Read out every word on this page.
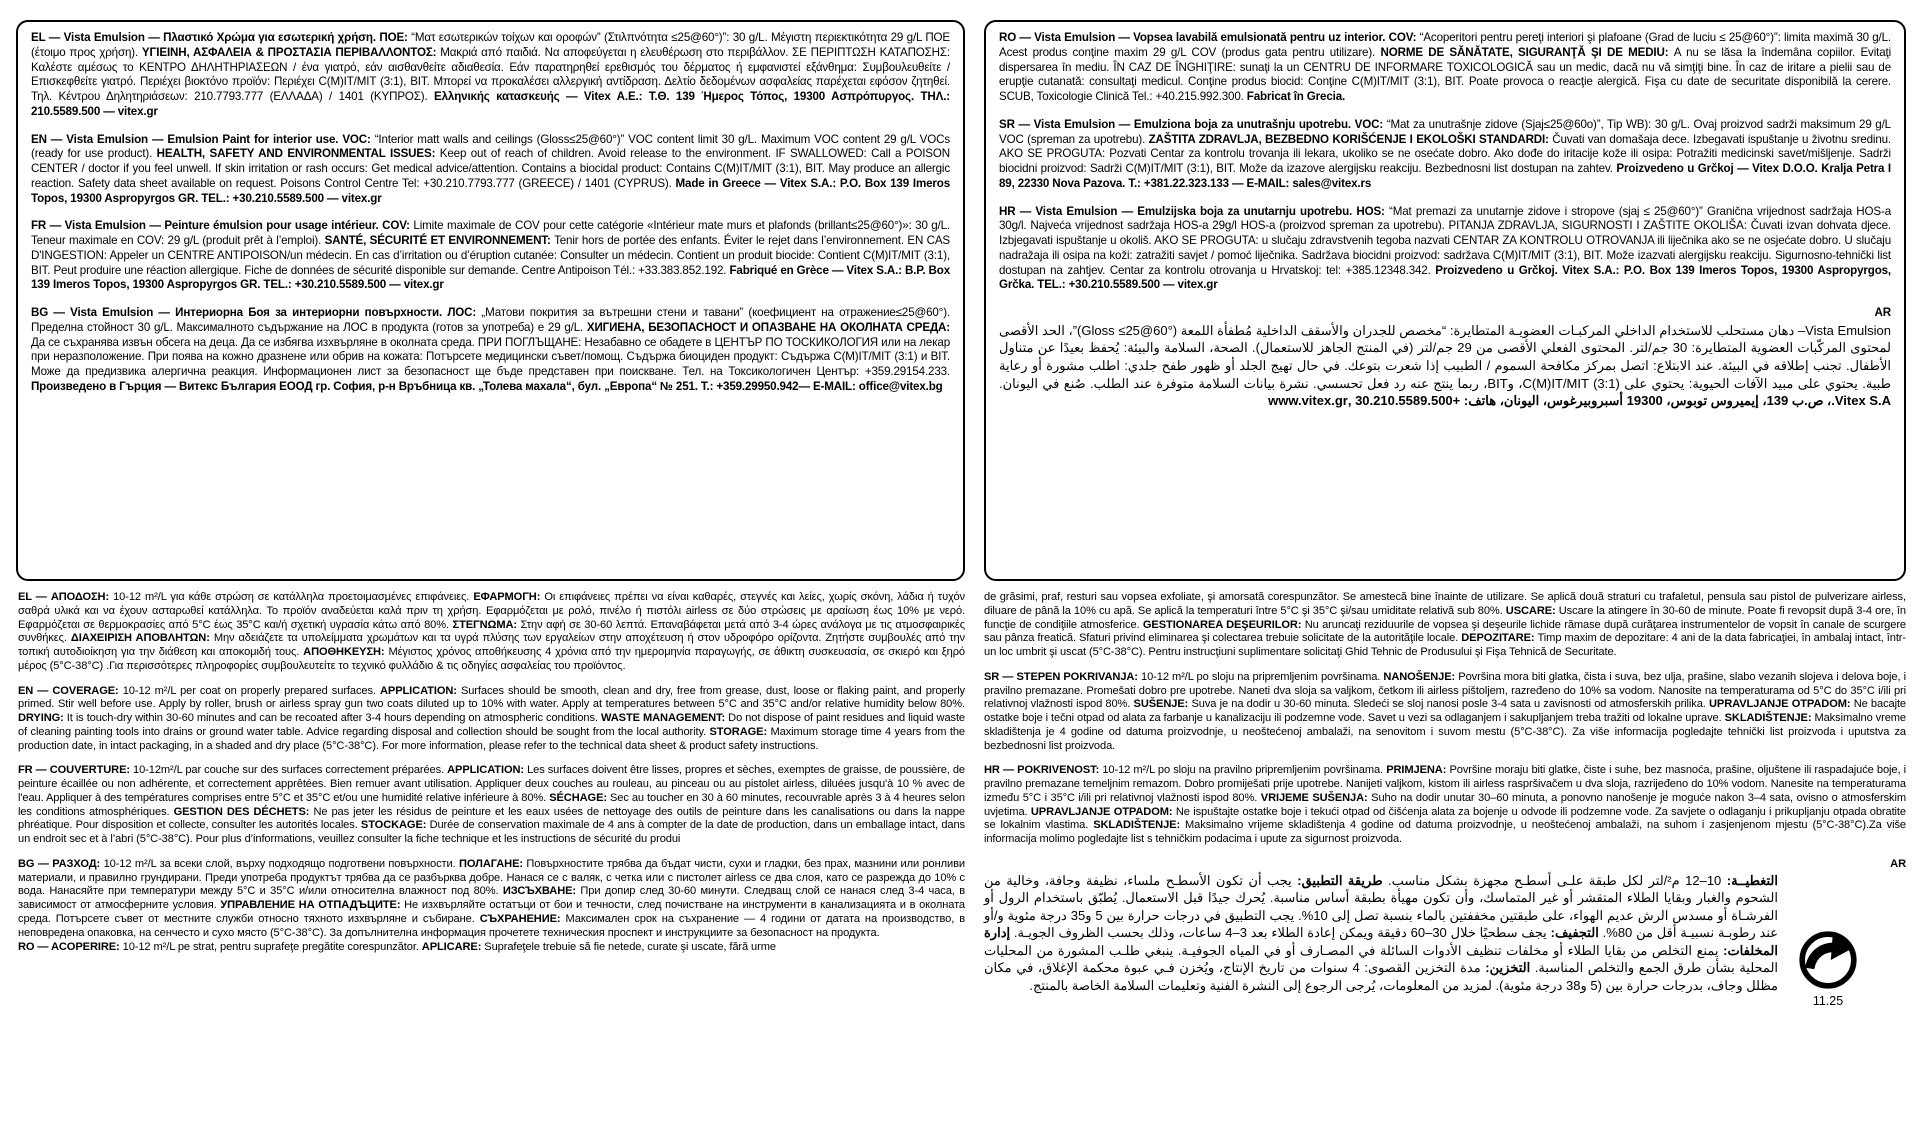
EL — Vista Emulsion — Πλαστικό Χρώμα για εσωτερική χρήση. ΠΟΕ: “Ματ εσωτερικών τοίχων και οροφών” (Στιλπνότητα ≤25@60°)”: 30 g/L. Μέγιστη περιεκτικότητα 29 g/L ΠΟΕ (έτοιμο προς χρήση). ΥΓΙΕΙΝΗ, ΑΣΦΑΛΕΙΑ & ΠΡΟΣΤΑΣΙΑ ΠΕΡΙΒΑΛΛΟΝΤΟΣ: Μακριά από παιδιά. Να αποφεύγεται η ελευθέρωση στο περιβάλλον. ΣΕ ΠΕΡΙΠΤΩΣΗ ΚΑΤΑΠΟΣΗΣ: Καλέστε αμέσως το ΚΕΝΤΡΟ ΔΗΛΗΤΗΡΙΑΣΕΩΝ / ένα γιατρό, εάν αισθανθείτε αδιαθεσία. Εάν παρατηρηθεί ερεθισμός του δέρματος ή εμφανιστεί εξάνθημα: Συμβουλευθείτε / Επισκεφθείτε γιατρό. Περιέχει βιοκτόνο προϊόν: Περιέχει C(M)IT/MIT (3:1), BIT. Μπορεί να προκαλέσει αλλεργική αντίδραση. Δελτίο δεδομένων ασφαλείας παρέχεται εφόσον ζητηθεί. Τηλ. Κέντρου Δηλητηριάσεων: 210.7793.777 (ΕΛΛΑΔΑ) / 1401 (ΚΥΠΡΟΣ). Ελληνικής κατασκευής — Vitex A.E.: Τ.Θ. 139 Ήμερος Τόπος, 19300 Ασπρόπυργος. ΤΗΛ.: 210.5589.500 — vitex.gr

EN — Vista Emulsion — Emulsion Paint for interior use. VOC: “Interior matt walls and ceilings (Gloss≤25@60°)” VOC content limit 30 g/L. Maximum VOC content 29 g/L VOCs (ready for use product). HEALTH, SAFETY AND ENVIRONMENTAL ISSUES: Keep out of reach of children. Avoid release to the environment. IF SWALLOWED: Call a POISON CENTER / doctor if you feel unwell. If skin irritation or rash occurs: Get medical advice/attention. Contains a biocidal product: Contains C(M)IT/MIT (3:1), BIT. May produce an allergic reaction. Safety data sheet available on request. Poisons Control Centre Tel: +30.210.7793.777 (GREECE) / 1401 (CYPRUS). Made in Greece — Vitex S.A.: P.O. Box 139 Imeros Topos, 19300 Aspropyrgos GR. TEL.: +30.210.5589.500 — vitex.gr

FR — Vista Emulsion — Peinture émulsion pour usage intérieur. COV: Limite maximale de COV pour cette catégorie «Intérieur mate murs et plafonds (brillant≤25@60°)»: 30 g/L. Teneur maximale en COV: 29 g/L (produit prêt à l’emploi). SANTÉ, SÉCURITÉ ET ENVIRONNEMENT: Tenir hors de portée des enfants. Éviter le rejet dans l’environnement. EN CAS D'INGESTION: Appeler un CENTRE ANTIPOISON/un médecin. En cas d’irritation ou d’éruption cutanée: Consulter un médecin. Contient un produit biocide: Contient C(M)IT/MIT (3:1), BIT. Peut produire une réaction allergique. Fiche de données de sécurité disponible sur demande. Centre Antipoison Tél.: +33.383.852.192. Fabriqué en Grèce — Vitex S.A.: B.P. Box 139 Imeros Topos, 19300 Aspropyrgos GR. TEL.: +30.210.5589.500 — vitex.gr

BG — Vista Emulsion — Интериорна Боя за интериорни повърхности. ЛОС: „Матови покрития за вътрешни стени и тавани” (коефициент на отражение≤25@60°). Пределна стойност 30 g/L. Максималното съдържание на ЛОС в продукта (готов за употреба) е 29 g/L. ХИГИЕНА, БЕЗОПАСНОСТ И ОПАЗВАНЕ НА ОКОЛНАТА СРЕДА: Да се съхранява извън обсега на деца. Да се избягва изхвърляне в околната среда. ПРИ ПОГЛЪЩАНЕ: Незабавно се обадете в ЦЕНТЪР ПО ТОСКИКОЛОГИЯ или на лекар при неразположение. При поява на кожно дразнене или обрив на кожата: Потърсете медицински съвет/помощ. Съдържа биоциден продукт: Съдържа C(M)IT/MIT (3:1) и BIT. Може да предизвика алергична реакция. Информационен лист за безопасност ще бъде представен при поискване. Тел. на Токсикологичен Център: +359.29154.233. Произведено в Гърция — Витекс България ЕООД гр. София, р-н Връбница кв. „Толева махала“, бул. „Европа“ № 251. Т.: +359.29950.942— E-MAIL: office@vitex.bg

RO — Vista Emulsion — Vopsea lavabilă emulsionată pentru uz interior. COV: “Acoperitori pentru pereţi interiori şi plafoane (Grad de luciu ≤ 25@60°)”: limita maximă 30 g/L. Acest produs conţine maxim 29 g/L COV (produs gata pentru utilizare). NORME DE SĂNĂTATE, SIGURANŢĂ ŞI DE MEDIU: A nu se lăsa la îndemâna copiilor. Evitaţi dispersarea în mediu. ÎN CAZ DE ÎNGHIŢIRE: sunaţi la un CENTRU DE INFORMARE TOXICOLOGICĂ sau un medic, dacă nu vă simţiţi bine. În caz de iritare a pielii sau de erupţie cutanată: consultaţi medicul. Conţine produs biocid: Conţine C(M)IT/MIT (3:1), BIT. Poate provoca o reacţie alergică. Fişa cu date de securitate disponibilă la cerere. SCUB, Toxicologie Clinică Tel.: +40.215.992.300. Fabricat în Grecia.

SR — Vista Emulsion — Emulziona boja za unutrašnju upotrebu. VOC: “Mat za unutrašnje zidove (Sjaj≤25@60o)”, Tip WB): 30 g/L. Ovaj proizvod sadrži maksimum 29 g/L VOC (spreman za upotrebu). ZAŠTITA ZDRAVLJA, BEZBEDNO KORIŠĆENJE I EKOLOŠKI STANDARDI: Čuvati van domašaja dece. Izbegavati ispuštanje u životnu sredinu. AKO SE PROGUTA: Pozvati Centar za kontrolu trovanja ili lekara, ukoliko se ne osećate dobro. Ako dođe do iritacije kože ili osipa: Potražiti medicinski savet/mišljenje. Sadrži biocidni proizvod: Sadrži C(M)IT/MIT (3:1), BIT. Može da izazove alergijsku reakciju. Bezbednosni list dostupan na zahtev. Proizvedeno u Grčkoj — Vitex D.O.O. Kralja Petra I 89, 22330 Nova Pazova. T.: +381.22.323.133 — E-MAIL: sales@vitex.rs

HR — Vista Emulsion — Emulzijska boja za unutarnju upotrebu. HOS: “Mat premazi za unutarnje zidove i stropove (sjaj ≤ 25@60°)” Granična vrijednost sadržaja HOS-a 30g/l. Najveća vrijednost sadržaja HOS-a 29g/l HOS-a (proizvod spreman za upotrebu). PITANJA ZDRAVLJA, SIGURNOSTI I ZAŠTITE OKOLIŠA: Čuvati izvan dohvata djece. Izbjegavati ispuštanje u okoliš. AKO SE PROGUTA: u slučaju zdravstvenih tegoba nazvati CENTAR ZA KONTROLU OTROVANJA ili liječnika ako se ne osjećate dobro. U slučaju nadražaja ili osipa na koži: zatražiti savjet / pomoć liječnika. Sadržava biocidni proizvod: sadržava C(M)IT/MIT (3:1), BIT. Može izazvati alergijsku reakciju. Sigurnosno-tehnički list dostupan na zahtjev. Centar za kontrolu otrovanja u Hrvatskoj: tel: +385.12348.342. Proizvedeno u Grčkoj. Vitex S.A.: P.O. Box 139 Imeros Topos, 19300 Aspropyrgos, Grčka. TEL.: +30.210.5589.500 — vitex.gr

AR

Vista Emulsion– دهان مستحلب للاستخدام الداخلي المركبـات العضويـة المتطايرة: “مخصص للجدران والأسقف الداخلية مُطفأة اللمعة (Gloss ≤25@60°)”، الحد الأقصى لمحتوى المركّبات العضوية المتطايرة: 30 جم/لتر. المحتوى الفعلي الأقصى من 29 جم/لتر (في المنتج الجاهز للاستعمال). الصحة، السلامة والبيئة: يُحفظ بعيدًا عن متناول الأطفال. تجنب إطلاقه في البيئة. عند الابتلاع: اتصل بمركز مكافحة السموم / الطبيب إذا شعرت بتوعك. في حال تهيج الجلد أو ظهور طفح جلدي: اطلب مشورة أو رعاية طبية. يحتوي على مبيد الآفات الحيوية: يحتوي على C(M)IT/MIT (3:1)، وBIT، ربما ينتج عنه رد فعل تحسسي. نشرة بيانات السلامة متوفرة عند الطلب. صُنع في اليونان. Vitex S.A.، ص.ب 139، إيميروس توبوس، 19300 أسبروبيرغوس، اليونان، هاتف: +30.210.5589.500 ,www.vitex.gr

EL — ΑΠΟΔΟΣΗ: 10-12 m²/L για κάθε στρώση σε κατάλληλα προετοιμασμένες επιφάνειες. ΕΦΑΡΜΟΓΗ: Οι επιφάνειες πρέπει να είναι καθαρές, στεγνές και λείες, χωρίς σκόνη, λάδια ή τυχόν σαθρά υλικά και να έχουν ασταρωθεί κατάλληλα. Το προϊόν αναδεύεται καλά πριν τη χρήση. Εφαρμόζεται με ρολό, πινέλο ή πιστόλι airless σε δύο στρώσεις με αραίωση έως 10% με νερό. Εφαρμόζεται σε θερμοκρασίες από 5°C έως 35°C και/ή σχετική υγρασία κάτω από 80%. ΣΤΕΓΝΩΜΑ: Στην αφή σε 30-60 λεπτά. Επαναβάφεται μετά από 3-4 ώρες ανάλογα με τις ατμοσφαιρικές συνθήκες. ΔΙΑΧΕΙΡΙΣΗ ΑΠΟΒΛΗΤΩΝ: Μην αδειάζετε τα υπολείμματα χρωμάτων και τα υγρά πλύσης των εργαλείων στην αποχέτευση ή στον υδροφόρο ορίζοντα. Ζητήστε συμβουλές από την τοπική αυτοδιοίκηση για την διάθεση και αποκομιδή τους. ΑΠΟΘΗΚΕΥΣΗ: Μέγιστος χρόνος αποθήκευσης 4 χρόνια από την ημερομηνία παραγωγής, σε άθικτη συσκευασία, σε σκιερό και ξηρό μέρος (5°C-38°C) .Για περισσότερες πληροφορίες συμβουλευτείτε το τεχνικό φυλλάδιο & τις οδηγίες ασφαλείας του προϊόντος.

EN — COVERAGE: 10-12 m²/L per coat on properly prepared surfaces. APPLICATION: Surfaces should be smooth, clean and dry, free from grease, dust, loose or flaking paint, and properly primed. Stir well before use. Apply by roller, brush or airless spray gun two coats diluted up to 10% with water. Apply at temperatures between 5°C and 35°C and/or relative humidity below 80%. DRYING: It is touch-dry within 30-60 minutes and can be recoated after 3-4 hours depending on atmospheric conditions. WASTE MANAGEMENT: Do not dispose of paint residues and liquid waste of cleaning painting tools into drains or ground water table. Advice regarding disposal and collection should be sought from the local authority. STORAGE: Maximum storage time 4 years from the production date, in intact packaging, in a shaded and dry place (5°C-38°C). For more information, please refer to the technical data sheet & product safety instructions.

FR — COUVERTURE: 10-12m²/L par couche sur des surfaces correctement préparées. APPLICATION: Les surfaces doivent être lisses, propres et sèches, exemptes de graisse, de poussière, de peinture écaillée ou non adhérente, et correctement apprêtées. Bien remuer avant utilisation. Appliquer deux couches au rouleau, au pinceau ou au pistolet airless, diluées jusqu'à 10 % avec de l'eau. Appliquer à des températures comprises entre 5°C et 35°C et/ou une humidité relative inférieure à 80%. SÉCHAGE: Sec au toucher en 30 à 60 minutes, recouvrable après 3 à 4 heures selon les conditions atmosphériques. GESTION DES DÉCHETS: Ne pas jeter les résidus de peinture et les eaux usées de nettoyage des outils de peinture dans les canalisations ou dans la nappe phréatique. Pour disposition et collecte, consulter les autorités locales. STOCKAGE: Durée de conservation maximale de 4 ans à compter de la date de production, dans un emballage intact, dans un endroit sec et à l’abri (5°C-38°C). Pour plus d’informations, veuillez consulter la fiche technique et les instructions de sécurité du produi

BG — РАЗХОД: 10-12 m²/L за всеки слой, върху подходящо подготвени повърхности. ПОЛАГАНЕ: Повърхностите трябва да бъдат чисти, сухи и гладки, без прах, мазнини или ронливи материали, и правилно грундирани. Преди употреба продуктът трябва да се разбърква добре. Нанася се с валяк, с четка или с пистолет airless се два слоя, като се разрежда до 10% с вода. Нанасяйте при температури между 5°C и 35°C и/или относителна влажност под 80%. ИЗСЪХВАНЕ: При допир след 30-60 минути. Следващ слой се нанася след 3-4 часа, в зависимост от атмосферните условия. УПРАВЛЕНИЕ НА ОТПАДЪЦИТЕ: Не изхвърляйте остатъци от бои и течности, след почистване на инструменти в канализацията и в околната среда. Потърсете съвет от местните служби относно тяхното изхвърляне и събиране. СЪХРАНЕНИЕ: Максимален срок на съхранение — 4 години от датата на производство, в неповредена опаковка, на сенчесто и сухо място (5°C-38°C). За допълнителна информация прочетете техническия проспект и инструкциите за безопасност на продукта.

RO — ACOPERIRE: 10-12 m²/L pe strat, pentru suprafeţe pregătite corespunzător. APLICARE: Suprafeţele trebuie să fie netede, curate şi uscate, fără urme

de grăsimi, praf, resturi sau vopsea exfoliate, şi amorsată corespunzător. Se amestecă bine înainte de utilizare. Se aplică două straturi cu trafaletul, pensula sau pistol de pulverizare airless, diluare de până la 10% cu apă. Se aplică la temperaturi între 5°C şi 35°C şi/sau umiditate relativă sub 80%. USCARE: Uscare la atingere în 30-60 de minute. Poate fi revopsit după 3-4 ore, în funcţie de condiţiile atmosferice. GESTIONAREA DEŞEURILOR: Nu aruncaţi reziduurile de vopsea şi deşeurile lichide rămase după curăţarea instrumentelor de vopsit în canale de scurgere sau pânza freatică. Sfaturi privind eliminarea şi colectarea trebuie solicitate de la autorităţile locale. DEPOZITARE: Timp maxim de depozitare: 4 ani de la data fabricaţiei, în ambalaj intact, într-un loc umbrit şi uscat (5°C-38°C). Pentru instrucţiuni suplimentare solicitaţi Ghid Tehnic de Produsului şi Fişa Tehnică de Securitate.

SR — STEPEN POKRIVANJA: 10-12 m²/L po sloju na pripremljenim površinama. NANOŠENJE: Površina mora biti glatka, čista i suva, bez ulja, prašine, slabo vezanih slojeva i delova boje, i pravilno premazane. Promešati dobro pre upotrebe. Naneti dva sloja sa valjkom, četkom ili airless pištoljem, razređeno do 10% sa vodom. Nanosite na temperaturama od 5°C do 35°C i/ili pri relativnoj vlažnosti ispod 80%. SUŠENJE: Suva je na dodir u 30-60 minuta. Sledeći se sloj nanosi posle 3-4 sata u zavisnosti od atmosferskih prilika. UPRAVLJANJE OTPADOM: Ne bacajte ostatke boje i tečni otpad od alata za farbanje u kanalizaciju ili podzemne vode. Savet u vezi sa odlaganjem i sakupljanjem treba tražiti od lokalne uprave. SKLADIŠTENJE: Maksimalno vreme skladištenja je 4 godine od datuma proizvodnje, u neoštećenoj ambalaži, na senovitom i suvom mestu (5°C-38°C). Za više informacija pogledajte tehnički list proizvoda i uputstva za bezbednosni list proizvoda.

HR — POKRIVENOST: 10-12 m²/L po sloju na pravilno pripremljenim površinama. PRIMJENA: Površine moraju biti glatke, čiste i suhe, bez masnoća, prašine, oljuštene ili raspadajuće boje, i pravilno premazane temeljnim remazom. Dobro promiješati prije upotrebe. Nanijeti valjkom, kistom ili airless raspršivačem u dva sloja, razrijeđeno do 10% vodom. Nanesite na temperaturama između 5°C i 35°C i/ili pri relativnoj vlažnosti ispod 80%. VRIJEME SUŠENJA: Suho na dodir unutar 30–60 minuta, a ponovno nanošenje je moguće nakon 3–4 sata, ovisno o atmosferskim uvjetima. UPRAVLJANJE OTPADOM: Ne ispuštajte ostatke boje i tekući otpad od čišćenja alata za bojenje u odvode ili podzemne vode. Za savjete o odlaganju i prikupljanju otpada obratite se lokalnim vlastima. SKLADIŠTENJE: Maksimalno vrijeme skladištenja 4 godine od datuma proizvodnje, u neoštećenoj ambalaži, na suhom i zasjenjenom mjestu (5°C-38°C).Za više informacija molimo pogledajte list s tehničkim podacima i upute za sigurnost proizvoda.

AR

11.25
التغطيــة: 10–12 م²/لتر لكل طبقة علـى أسطـح مجهزة بشكل مناسب. طريقة التطبيق: يجب أن تكون الأسطـح ملساء، نظيفة وجافة، وخالية من الشحوم والغبار وبقايا الطلاء المتقشر أو غير المتماسك، وأن تكون مهيأة بطبقة أساس مناسبة. يُحرك جيدًا قبل الاستعمال. يُطبّق باستخدام الرول أو الفرشـاة أو مسدس الرش عديم الهواء، على طبقتين مخففتين بالماء بنسبة تصل إلى 10%. يجب التطبيق في درجات حرارة بين 5 و35 درجة مئوية و/أو عند رطوبـة نسبيـة أقل من 80%. التجفيف: يجف سطحيًا خلال 30–60 دقيقة ويمكن إعادة الطلاء بعد 3–4 ساعات، وذلك بحسب الظروف الجويـة. إدارة المخلفات: يمنع التخلص من بقايا الطلاء أو مخلفات تنظيف الأدوات السائلة في المصـارف أو في المياه الجوفيـة. ينبغي طلـب المشورة من المحليات المحلية بشأن طرق الجمع والتخلص المناسبة. التخزين: مدة التخزين القصوى: 4 سنوات من تاريخ الإنتاج، ويُخزن فـي عبوة محكمة الإغلاق، في مكان مظلل وجاف، بدرجات حرارة بين (5 و38 درجة مئوية). لمزيد من المعلومات، يُرجى الرجوع إلى النشرة الفنية وتعليمات السلامة الخاصة بالمنتج.
